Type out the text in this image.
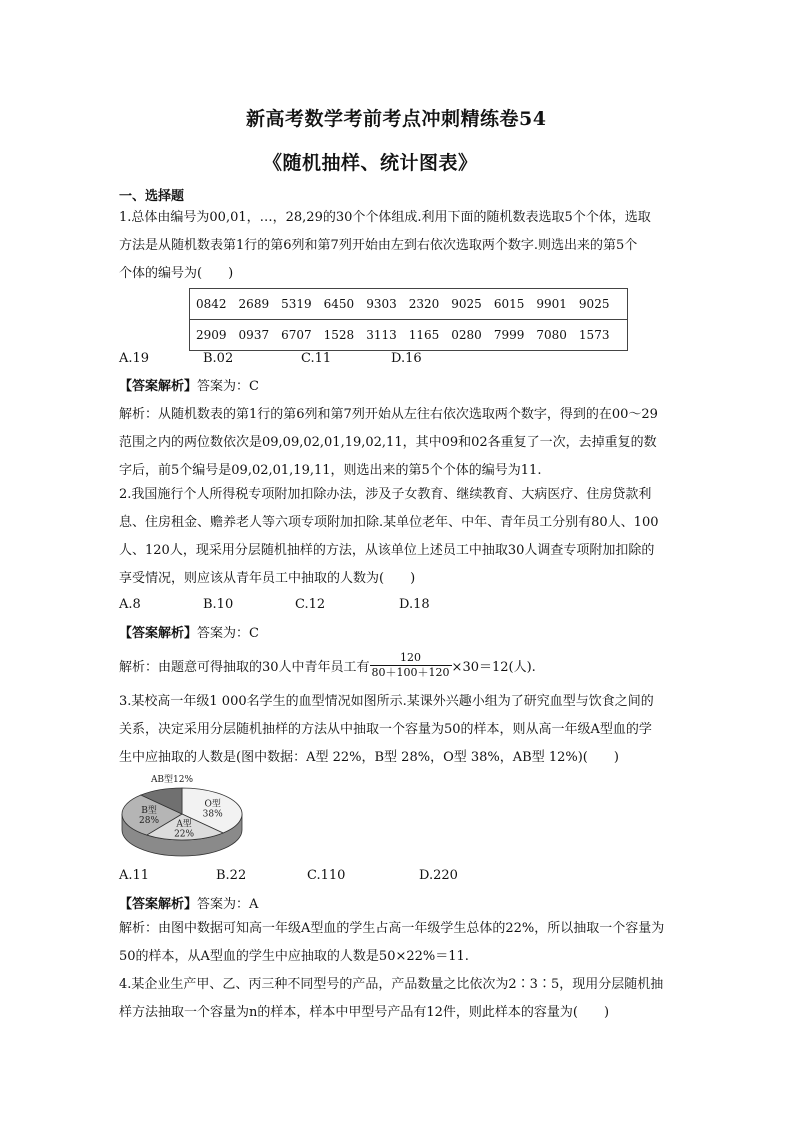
新高考数学考前考点冲刺精练卷54
《随机抽样、统计图表》
一、选择题
1.总体由编号为00,01，…，28,29的30个个体组成.利用下面的随机数表选取5个个体，选取
方法是从随机数表第1行的第6列和第7列开始由左到右依次选取两个数字.则选出来的第5个
个体的编号为(　　)
0842 2689 5319 6450 9303 2320 9025 6015 9901 9025
2909 0937 6707 1528 3113 1165 0280 7999 7080 1573
A.19	B.02	C.11	D.16
【答案解析】答案为：C
解析：从随机数表的第1行的第6列和第7列开始从左往右依次选取两个数字，得到的在00～29
范围之内的两位数依次是09,09,02,01,19,02,11，其中09和02各重复了一次，去掉重复的数
字后，前5个编号是09,02,01,19,11，则选出来的第5个个体的编号为11.
2.我国施行个人所得税专项附加扣除办法，涉及子女教育、继续教育、大病医疗、住房贷款利
息、住房租金、赡养老人等六项专项附加扣除.某单位老年、中年、青年员工分别有80人、100
人、120人，现采用分层随机抽样的方法，从该单位上述员工中抽取30人调查专项附加扣除的
享受情况，则应该从青年员工中抽取的人数为(　　)
A.8	B.10	C.12	D.18
【答案解析】答案为：C
解析：由题意可得抽取的30人中青年员工有 $\frac{120}{80+100+120} \times 30=12$(人).
3.某校高一年级1 000名学生的血型情况如图所示.某课外兴趣小组为了研究血型与饮食之间的
关系，决定采用分层随机抽样的方法从中抽取一个容量为50的样本，则从高一年级A型血的学
生中应抽取的人数是(图中数据：A型 22%，B型 28%，O型 38%，AB型 12%)(　　)
O型
38%
A型
22%
B型
28%
AB型12%
A.11	B.22	C.110	D.220
【答案解析】答案为：A
解析：由图中数据可知高一年级A型血的学生占高一年级学生总体的22%，所以抽取一个容量为
50的样本，从A型血的学生中应抽取的人数是50×22%＝11.
4.某企业生产甲、乙、丙三种不同型号的产品，产品数量之比依次为2∶3∶5，现用分层随机抽
样方法抽取一个容量为n的样本，样本中甲型号产品有12件，则此样本的容量为(　　)
